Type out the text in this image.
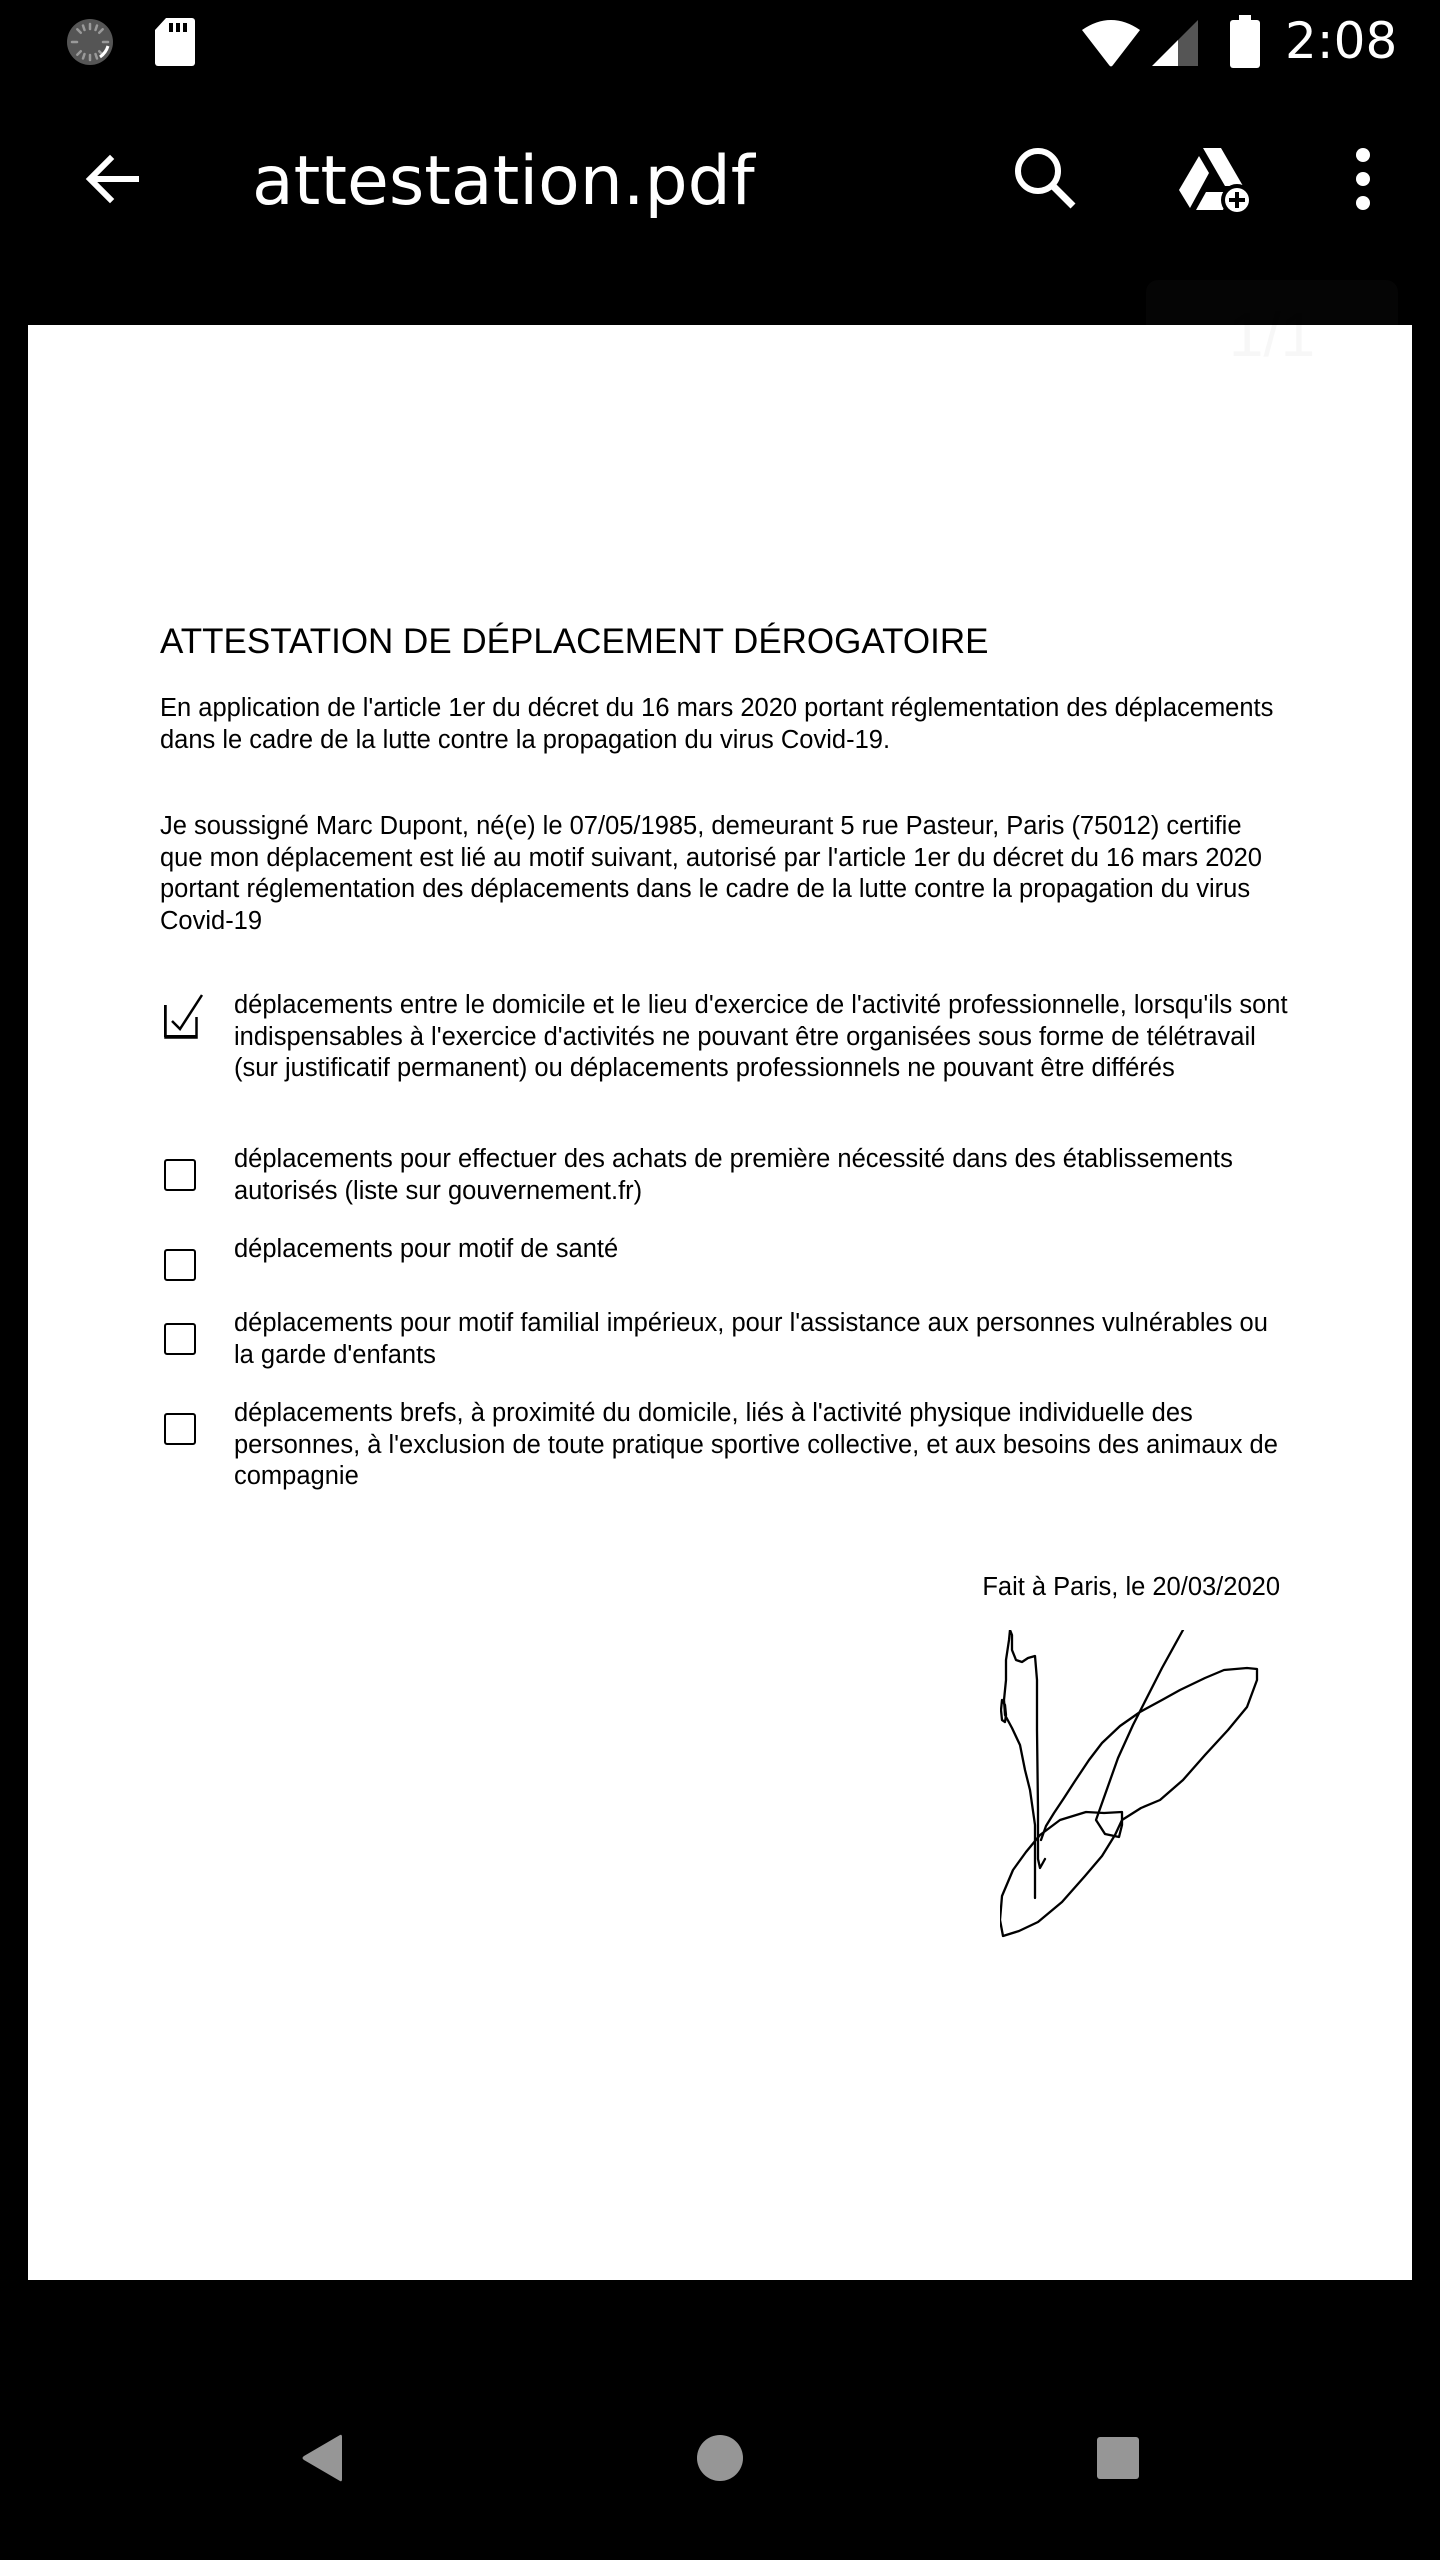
2:08
attestation.pdf
ATTESTATION DE DÉPLACEMENT DÉROGATOIRE
En application de l'article 1er du décret du 16 mars 2020 portant réglementation des déplacements dans le cadre de la lutte contre la propagation du virus Covid-19.
Je soussigné Marc Dupont, né(e) le 07/05/1985, demeurant 5 rue Pasteur, Paris (75012) certifie que mon déplacement est lié au motif suivant, autorisé par l'article 1er du décret du 16 mars 2020 portant réglementation des déplacements dans le cadre de la lutte contre la propagation du virus Covid-19
déplacements entre le domicile et le lieu d'exercice de l'activité professionnelle, lorsqu'ils sont indispensables à l'exercice d'activités ne pouvant être organisées sous forme de télétravail (sur justificatif permanent) ou déplacements professionnels ne pouvant être différés
déplacements pour effectuer des achats de première nécessité dans des établissements autorisés (liste sur gouvernement.fr)
déplacements pour motif de santé
déplacements pour motif familial impérieux, pour l'assistance aux personnes vulnérables ou la garde d'enfants
déplacements brefs, à proximité du domicile, liés à l'activité physique individuelle des personnes, à l'exclusion de toute pratique sportive collective, et aux besoins des animaux de compagnie
Fait à Paris, le 20/03/2020
